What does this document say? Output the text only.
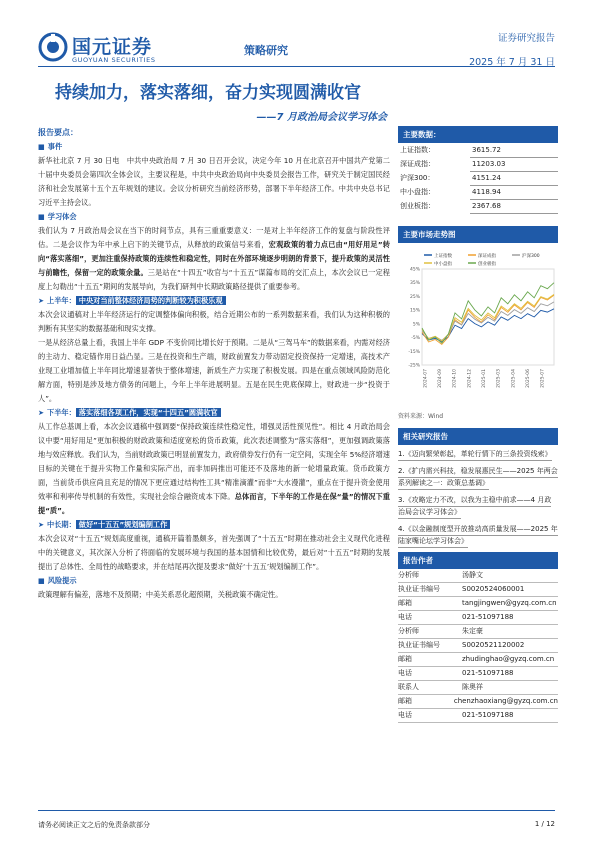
国元证券
GUOYUAN SECURITIES
策略研究
证券研究报告
2025 年 7 月 31 日
持续加力，落实落细，奋力实现圆满收官
——7 月政治局会议学习体会
报告要点：
■ 事件

新华社北京 7 月 30 日电　中共中央政治局 7 月 30 日召开会议，决定今年 10 月在北京召开中国共产党第二十届中央委员会第四次全体会议，主要议程是，中共中央政治局向中央委员会报告工作，研究关于制定国民经济和社会发展第十五个五年规划的建议。会议分析研究当前经济形势，部署下半年经济工作。中共中央总书记习近平主持会议。

■ 学习体会

我们认为 7 月政治局会议在当下的时间节点，具有三重重要意义：一是对上半年经济工作的复盘与阶段性评估。二是会议作为年中承上启下的关键节点，从释放的政策信号来看，宏观政策的着力点已由“用好用足”转向“落实落细”，更加注重保持政策的连续性和稳定性，同时在外部环境逐步明朗的背景下，提升政策的灵活性与前瞻性，保留一定的政策余量。三是站在“十四五”收官与“十五五”谋篇布局的交汇点上，本次会议已一定程度上勾勒出“十五五”期间的发展导向，为我们研判中长期政策路径提供了重要参考。

➤ 上半年： 中央对当前整体经济局势的判断较为积极乐观

本次会议通稿对上半年经济运行的定调整体偏向积极，结合近期公布的一系列数据来看，我们认为这种积极的判断有其坚实的数据基础和现实支撑。

一是从经济总量上看，我国上半年 GDP 不变价同比增长好于预期。二是从“三驾马车”的数据来看，内需对经济的主动力、稳定锚作用日益凸显。三是在投资和生产端，财政前置发力带动固定投资保持一定增速，高技术产业现工业增加值上半年同比增速显著快于整体增速，新质生产力实现了积极发展。四是在重点领域风险防范化解方面，特别是涉及地方债务的问题上，今年上半年进展明显。五是在民生兜底保障上，财政进一步“投资于人”。

➤ 下半年： 落实落细各项工作，实现“十四五”圆满收官

从工作总基调上看，本次会议通稿中强调要“保持政策连续性稳定性，增强灵活性预见性”。相比 4 月政治局会议中要“用好用足”更加积极的财政政策和适度宽松的货币政策，此次表述调整为“落实落细”，更加强调政策落地与效应释放。我们认为，当前财政政策已明显前置发力，政府债券发行仍有一定空间，实现全年 5%经济增速目标的关键在于提升实物工作量和实际产出，而非加码推出可能还不及落地的新一轮增量政策。货币政策方面，当前货币供应尚且充足的情况下更应通过结构性工具“精准滴灌”而非“大水漫灌”，重点在于提升资金使用效率和利率传导机制的有效性，实现社会综合融资成本下降。总体而言，下半年的工作是在保“量”的情况下重提“质”。

➤ 中长期： 做好“十五五”规划编制工作

本次会议对“十五五”规划高度重视，通稿开篇着墨颇多，首先强调了“十五五”时期在推动社会主义现代化进程中的关键意义，其次深入分析了将面临的发展环境与我国的基本国情和比较优势，最后对“十五五”时期的发展提出了总体性、全局性的战略要求，并在结尾再次提及要求“做好‘十五五’规划编制工作”。

■ 风险提示

政策理解有偏差，落地不及预期；中美关系恶化超预期，关税政策不确定性。

主要数据：
上证指数：	3615.72
深证成指：	11203.03
沪深300：	4151.24
中小盘指：	4118.94
创业板指：	2367.68
主要市场走势图
上证指数	深证成指	沪深300
中小盘指	创业板指
45%
35%
25%
15%
5%
-5%
-15%
-25%
2024-07 2024-09 2024-10 2024-12 2025-01 2025-03 2025-04 2025-06 2025-07
资料来源：Wind
相关研究报告
1.《迈向繁荣彰起，革轮行情下的三条投资线索》
2.《扩内需兴科技，稳发展惠民生——2025 年两会系列解读之一：政策总基调》
3.《攻略定力不改，以我为主稳中前求——4 月政治局会议学习体会》
4.《以金融制度型开放推动高质量发展——2025 年陆家嘴论坛学习体会》
报告作者
分析师	汤静文
执业证书编号	S0020524060001
邮箱	tangjingwen@gyzq.com.cn
电话	021-51097188
分析师	朱定豪
执业证书编号	S0020521120002
邮箱	zhudinghao@gyzq.com.cn
电话	021-51097188
联系人	陈奥祥
邮箱	chenzhaoxiang@gyzq.com.cn
电话	021-51097188
请务必阅读正文之后的免责条款部分	1 / 12
